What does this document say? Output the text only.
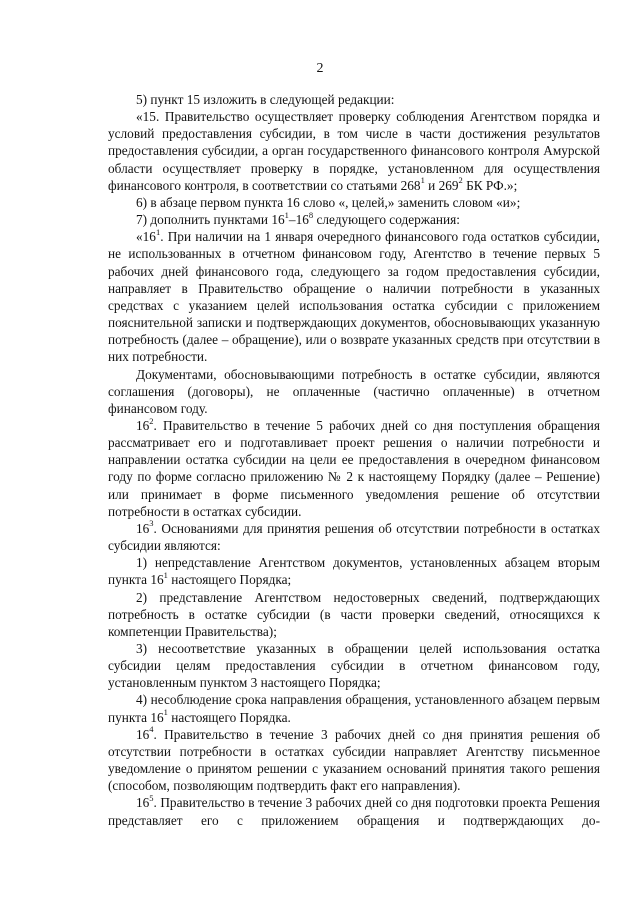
2

5) пункт 15 изложить в следующей редакции:

«15. Правительство осуществляет проверку соблюдения Агентством порядка и условий предоставления субсидии, в том числе в части достижения результатов предоставления субсидии, а орган государственного финансового контроля Амурской области осуществляет проверку в порядке, установленном для осуществления финансового контроля, в соответствии со статьями $268^1$ и $269^2$ БК РФ.»;

6) в абзаце первом пункта 16 слово «, целей,» заменить словом «и»;

7) дополнить пунктами $16^1-16^8$ следующего содержания:

«$16^1$. При наличии на 1 января очередного финансового года остатков субсидии, не использованных в отчетном финансовом году, Агентство в течение первых 5 рабочих дней финансового года, следующего за годом предоставления субсидии, направляет в Правительство обращение о наличии потребности в указанных средствах с указанием целей использования остатка субсидии с приложением пояснительной записки и подтверждающих документов, обосновывающих указанную потребность (далее – обращение), или о возврате указанных средств при отсутствии в них потребности.

Документами, обосновывающими потребность в остатке субсидии, являются соглашения (договоры), не оплаченные (частично оплаченные) в отчетном финансовом году.

$16^2$. Правительство в течение 5 рабочих дней со дня поступления обращения рассматривает его и подготавливает проект решения о наличии потребности и направлении остатка субсидии на цели ее предоставления в очередном финансовом году по форме согласно приложению № 2 к настоящему Порядку (далее – Решение) или принимает в форме письменного уведомления решение об отсутствии потребности в остатках субсидии.

$16^3$. Основаниями для принятия решения об отсутствии потребности в остатках субсидии являются:

1) непредставление Агентством документов, установленных абзацем вторым пункта $16^1$ настоящего Порядка;

2) представление Агентством недостоверных сведений, подтверждающих потребность в остатке субсидии (в части проверки сведений, относящихся к компетенции Правительства);

3) несоответствие указанных в обращении целей использования остатка субсидии целям предоставления субсидии в отчетном финансовом году, установленным пунктом 3 настоящего Порядка;

4) несоблюдение срока направления обращения, установленного абзацем первым пункта $16^1$ настоящего Порядка.

$16^4$. Правительство в течение 3 рабочих дней со дня принятия решения об отсутствии потребности в остатках субсидии направляет Агентству письменное уведомление о принятом решении с указанием оснований принятия такого решения (способом, позволяющим подтвердить факт его направления).

$16^5$. Правительство в течение 3 рабочих дней со дня подготовки проекта Решения представляет его с приложением обращения и подтверждающих до-
